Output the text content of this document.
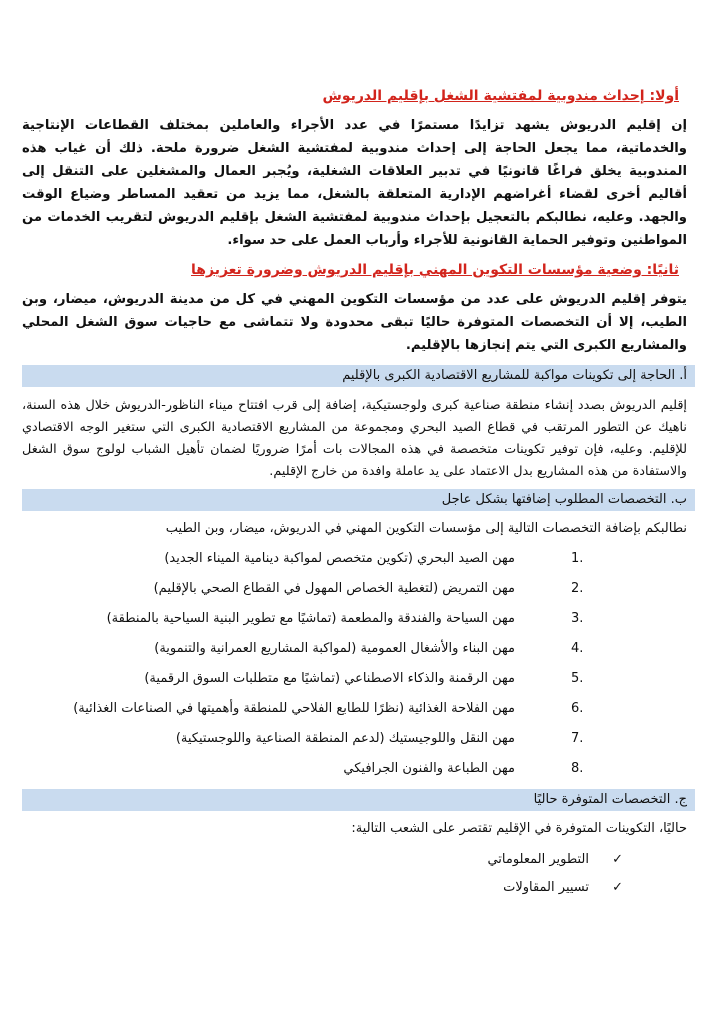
أولا: إحداث مندوبية لمفتشية الشغل بإقليم الدريوش

إن إقليم الدريوش يشهد تزايدًا مستمرًا في عدد الأجراء والعاملين بمختلف القطاعات الإنتاجية والخدماتية، مما يجعل الحاجة إلى إحداث مندوبية لمفتشية الشغل ضرورة ملحة. ذلك أن غياب هذه المندوبية يخلق فراغًا قانونيًا في تدبير العلاقات الشغلية، ويُجبر العمال والمشغلين على التنقل إلى أقاليم أخرى لقضاء أغراضهم الإدارية المتعلقة بالشغل، مما يزيد من تعقيد المساطر وضياع الوقت والجهد. وعليه، نطالبكم بالتعجيل بإحداث مندوبية لمفتشية الشغل بإقليم الدريوش لتقريب الخدمات من المواطنين وتوفير الحماية القانونية للأجراء وأرباب العمل على حد سواء.

ثانيًا: وضعية مؤسسات التكوين المهني بإقليم الدريوش وضرورة تعزيزها

يتوفر إقليم الدريوش على عدد من مؤسسات التكوين المهني في كل من مدينة الدريوش، ميضار، وبن الطيب، إلا أن التخصصات المتوفرة حاليًا تبقى محدودة ولا تتماشى مع حاجيات سوق الشغل المحلي والمشاريع الكبرى التي يتم إنجازها بالإقليم.

أ. الحاجة إلى تكوينات مواكبة للمشاريع الاقتصادية الكبرى بالإقليم

إقليم الدريوش بصدد إنشاء منطقة صناعية كبرى ولوجستيكية، إضافة إلى قرب افتتاح ميناء الناظور-الدريوش خلال هذه السنة، ناهيك عن التطور المرتقب في قطاع الصيد البحري ومجموعة من المشاريع الاقتصادية الكبرى التي ستغير الوجه الاقتصادي للإقليم. وعليه، فإن توفير تكوينات متخصصة في هذه المجالات بات أمرًا ضروريًا لضمان تأهيل الشباب لولوج سوق الشغل والاستفادة من هذه المشاريع بدل الاعتماد على يد عاملة وافدة من خارج الإقليم.

ب. التخصصات المطلوب إضافتها بشكل عاجل
نطالبكم بإضافة التخصصات التالية إلى مؤسسات التكوين المهني في الدريوش، ميضار، وبن الطيب
1.
مهن الصيد البحري (تكوين متخصص لمواكبة دينامية الميناء الجديد)
2.
مهن التمريض (لتغطية الخصاص المهول في القطاع الصحي بالإقليم)
3.
مهن السياحة والفندقة والمطعمة (تماشيًا مع تطوير البنية السياحية بالمنطقة)
4.
مهن البناء والأشغال العمومية (لمواكبة المشاريع العمرانية والتنموية)
5.
مهن الرقمنة والذكاء الاصطناعي (تماشيًا مع متطلبات السوق الرقمية)
6.
مهن الفلاحة الغذائية (نظرًا للطابع الفلاحي للمنطقة وأهميتها في الصناعات الغذائية)
7.
مهن النقل واللوجيستيك (لدعم المنطقة الصناعية واللوجستيكية)
8.
مهن الطباعة والفنون الجرافيكي
ج. التخصصات المتوفرة حاليًا
حاليًا، التكوينات المتوفرة في الإقليم تقتصر على الشعب التالية:
✓
التطوير المعلوماتي
✓
تسيير المقاولات
